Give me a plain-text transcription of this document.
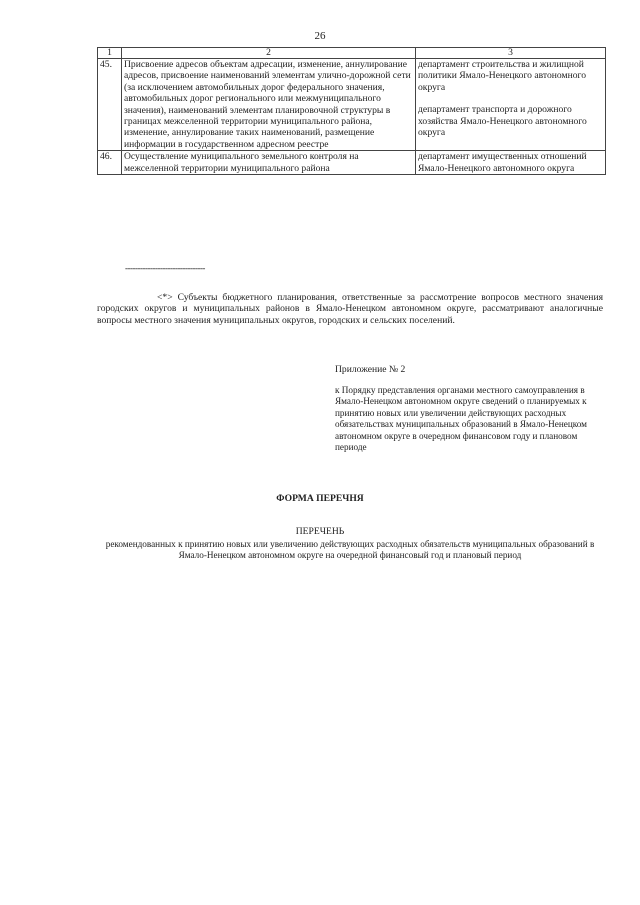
26
1	2	3
45.	Присвоение адресов объектам адресации, изменение, аннулирование адресов, присвоение наименований элементам улично-дорожной сети (за исключением автомобильных дорог федерального значения, автомобильных дорог регионального или межмуниципального значения), наименований элементам планировочной структуры в границах межселенной территории муниципального района, изменение, аннулирование таких наименований, размещение информации в государственном адресном реестре	департамент строительства и жилищной политики Ямало-Ненецкого автономного округа

департамент транспорта и дорожного хозяйства Ямало-Ненецкого автономного округа

46.	Осуществление муниципального земельного контроля на межселенной территории муниципального района	департамент имущественных отношений Ямало-Ненецкого автономного округа

--------------------------------

<*> Субъекты бюджетного планирования, ответственные за рассмотрение вопросов местного значения городских округов и муниципальных районов в Ямало-Ненецком автономном округе, рассматривают аналогичные вопросы местного значения муниципальных округов, городских и сельских поселений.

Приложение № 2

к Порядку представления органами местного самоуправления в Ямало-Ненецком автономном округе сведений о планируемых к принятию новых или увеличении действующих расходных обязательствах муниципальных образований в Ямало-Ненецком автономном округе в очередном финансовом году и плановом периоде

ФОРМА ПЕРЕЧНЯ
ПЕРЕЧЕНЬ

рекомендованных к принятию новых или увеличению действующих расходных обязательств муниципальных образований в Ямало-Ненецком автономном округе на очередной финансовый год и плановый период
